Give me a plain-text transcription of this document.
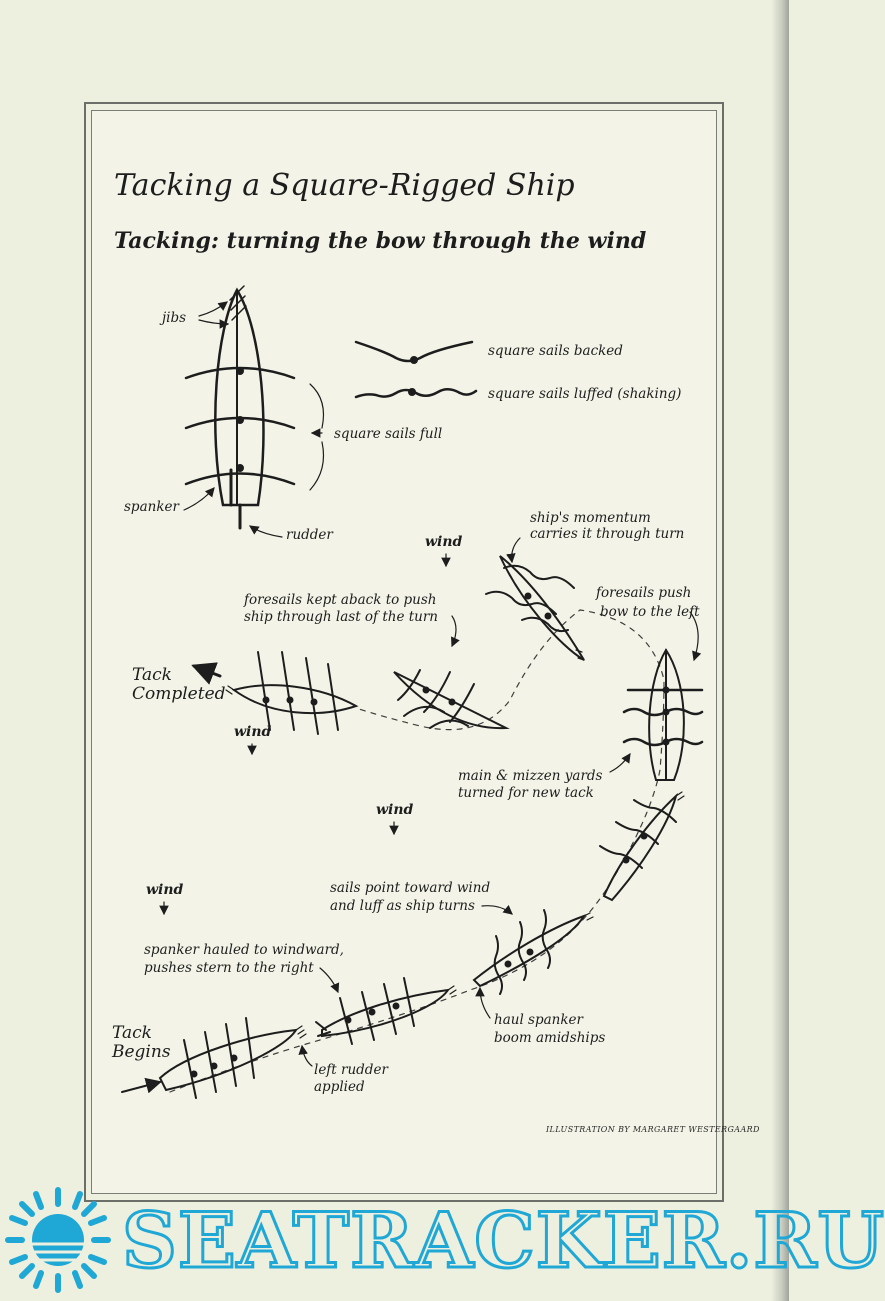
Tacking a Square-Rigged Ship
Tacking: turning the bow through the wind
square sails backed
square sails luffed (shaking)
jibs
square sails full
spanker
rudder	wind
wind
wind
wind
ship's momentum
carries it through turn
foresails push
bow to the left
foresails kept aback to push
ship through last of the turn
Tack
Completed
main & mizzen yards
turned for new tack
sails point toward wind
and luff as ship turns
spanker hauled to windward,
pushes stern to the right
haul spanker
boom amidships
Tack
Begins
left rudder
applied
ILLUSTRATION BY MARGARET WESTERGAARD
SEATRACKER.RU
